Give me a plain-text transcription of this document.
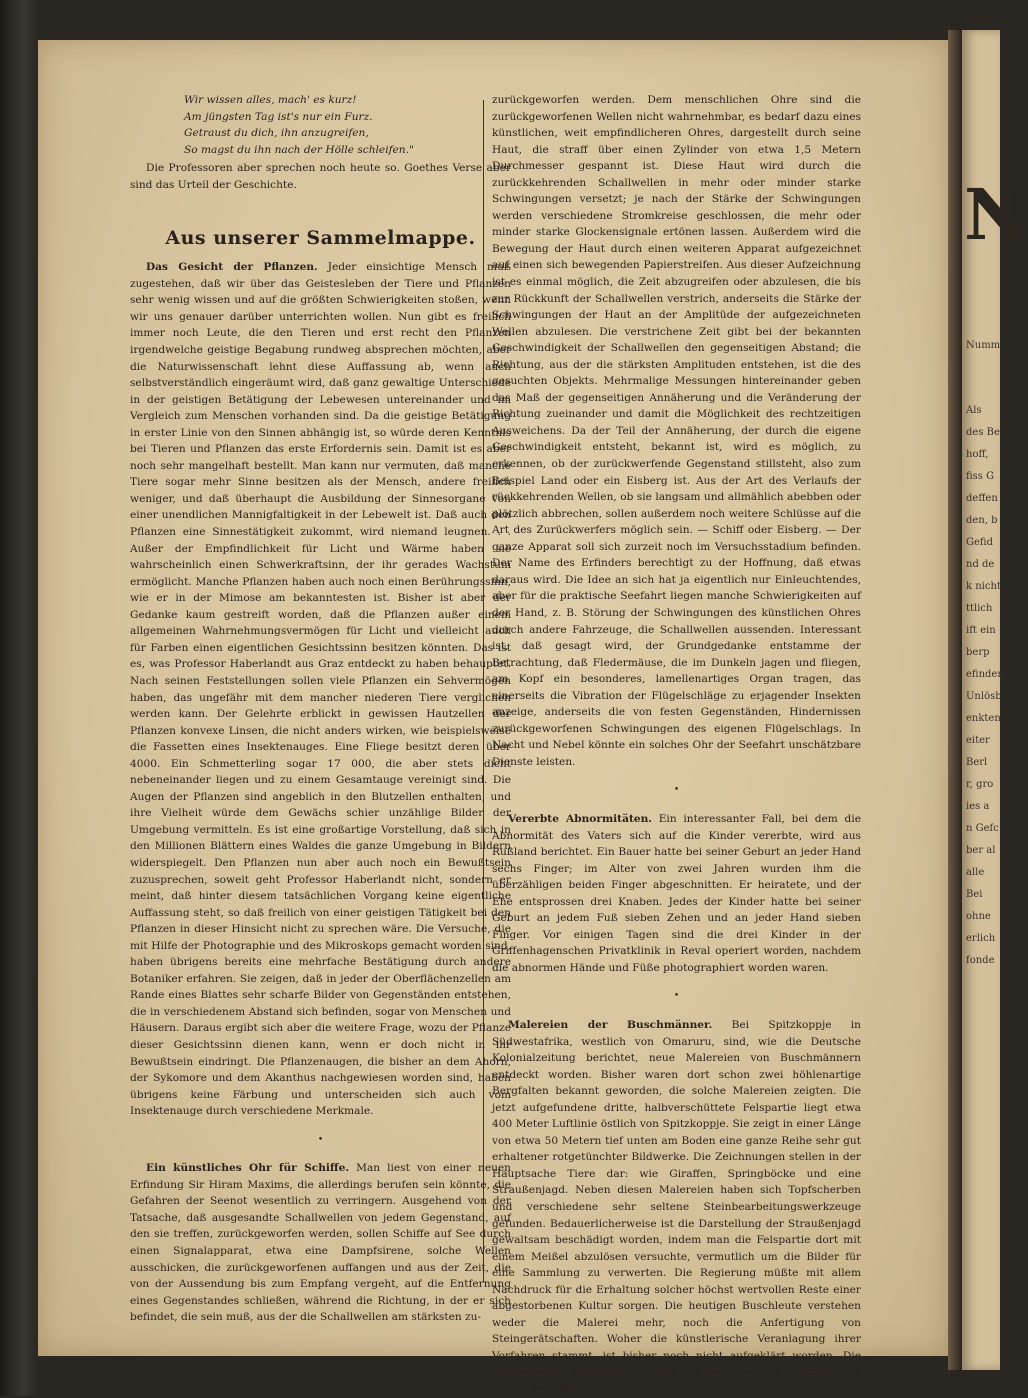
Wir wissen alles, mach' es kurz!

Am jüngsten Tag ist's nur ein Furz.

Getraust du dich, ihn anzugreifen,

So magst du ihn nach der Hölle schleifen."

Die Professoren aber sprechen noch heute so. Goethes Verse aber sind das Urteil der Geschichte.

Aus unserer Sammelmappe.

Das Gesicht der Pflanzen. Jeder einsichtige Mensch muß zugestehen, daß wir über das Geistesleben der Tiere und Pflanzen sehr wenig wissen und auf die größten Schwierigkeiten stoßen, wenn wir uns genauer darüber unterrichten wollen. Nun gibt es freilich immer noch Leute, die den Tieren und erst recht den Pflanzen irgendwelche geistige Begabung rundweg absprechen möchten, aber die Naturwissenschaft lehnt diese Auffassung ab, wenn auch selbstverständlich eingeräumt wird, daß ganz gewaltige Unterschiede in der geistigen Betätigung der Lebewesen untereinander und im Vergleich zum Menschen vorhanden sind. Da die geistige Betätigung in erster Linie von den Sinnen abhängig ist, so würde deren Kenntnis bei Tieren und Pflanzen das erste Erfordernis sein. Damit ist es aber noch sehr mangelhaft bestellt. Man kann nur vermuten, daß manche Tiere sogar mehr Sinne besitzen als der Mensch, andere freilich weniger, und daß überhaupt die Ausbildung der Sinnesorgane von einer unendlichen Mannigfaltigkeit in der Lebewelt ist. Daß auch den Pflanzen eine Sinnestätigkeit zukommt, wird niemand leugnen. . . Außer der Empfindlichkeit für Licht und Wärme haben sie wahrscheinlich einen Schwerkraftsinn, der ihr gerades Wachstum ermöglicht. Manche Pflanzen haben auch noch einen Berührungssinn, wie er in der Mimose am bekanntesten ist. Bisher ist aber der Gedanke kaum gestreift worden, daß die Pflanzen außer einem allgemeinen Wahrnehmungsvermögen für Licht und vielleicht auch für Farben einen eigentlichen Gesichtssinn besitzen könnten. Das ist es, was Professor Haberlandt aus Graz entdeckt zu haben behauptet. Nach seinen Feststellungen sollen viele Pflanzen ein Sehvermögen haben, das ungefähr mit dem mancher niederen Tiere verglichen werden kann. Der Gelehrte erblickt in gewissen Hautzellen der Pflanzen konvexe Linsen, die nicht anders wirken, wie beispielsweise die Fassetten eines Insektenauges. Eine Fliege besitzt deren über 4000. Ein Schmetterling sogar 17 000, die aber stets dicht nebeneinander liegen und zu einem Gesamtauge vereinigt sind. Die Augen der Pflanzen sind angeblich in den Blutzellen enthalten, und ihre Vielheit würde dem Gewächs schier unzählige Bilder der Umgebung vermitteln. Es ist eine großartige Vorstellung, daß sich in den Millionen Blättern eines Waldes die ganze Umgebung in Bildern widerspiegelt. Den Pflanzen nun aber auch noch ein Bewußtsein zuzusprechen, soweit geht Professor Haberlandt nicht, sondern er meint, daß hinter diesem tatsächlichen Vorgang keine eigentliche Auffassung steht, so daß freilich von einer geistigen Tätigkeit bei den Pflanzen in dieser Hinsicht nicht zu sprechen wäre. Die Versuche, die mit Hilfe der Photographie und des Mikroskops gemacht worden sind, haben übrigens bereits eine mehrfache Bestätigung durch andere Botaniker erfahren. Sie zeigen, daß in jeder der Oberflächenzellen am Rande eines Blattes sehr scharfe Bilder von Gegenständen entstehen, die in verschiedenem Abstand sich befinden, sogar von Menschen und Häusern. Daraus ergibt sich aber die weitere Frage, wozu der Pflanze dieser Gesichtssinn dienen kann, wenn er doch nicht in ihr Bewußtsein eindringt. Die Pflanzenaugen, die bisher an dem Ahorn, der Sykomore und dem Akanthus nachgewiesen worden sind, haben übrigens keine Färbung und unterscheiden sich auch vom Insektenauge durch verschiedene Merkmale.

•

Ein künstliches Ohr für Schiffe. Man liest von einer neuen Erfindung Sir Hiram Maxims, die allerdings berufen sein könnte, die Gefahren der Seenot wesentlich zu verringern. Ausgehend von der Tatsache, daß ausgesandte Schallwellen von jedem Gegenstand, auf den sie treffen, zurückgeworfen werden, sollen Schiffe auf See durch einen Signalapparat, etwa eine Dampfsirene, solche Wellen ausschicken, die zurückgeworfenen auffangen und aus der Zeit, die von der Aussendung bis zum Empfang vergeht, auf die Entfernung eines Gegenstandes schließen, während die Richtung, in der er sich befindet, die sein muß, aus der die Schallwellen am stärksten zu-

zurückgeworfen werden. Dem menschlichen Ohre sind die zurückgeworfenen Wellen nicht wahrnehmbar, es bedarf dazu eines künstlichen, weit empfindlicheren Ohres, dargestellt durch seine Haut, die straff über einen Zylinder von etwa 1,5 Metern Durchmesser gespannt ist. Diese Haut wird durch die zurückkehrenden Schallwellen in mehr oder minder starke Schwingungen versetzt; je nach der Stärke der Schwingungen werden verschiedene Stromkreise geschlossen, die mehr oder minder starke Glockensignale ertönen lassen. Außerdem wird die Bewegung der Haut durch einen weiteren Apparat aufgezeichnet auf einen sich bewegenden Papierstreifen. Aus dieser Aufzeichnung ist es einmal möglich, die Zeit abzugreifen oder abzulesen, die bis zur Rückkunft der Schallwellen verstrich, anderseits die Stärke der Schwingungen der Haut an der Amplitüde der aufgezeichneten Wellen abzulesen. Die verstrichene Zeit gibt bei der bekannten Geschwindigkeit der Schallwellen den gegenseitigen Abstand; die Richtung, aus der die stärksten Amplituden entstehen, ist die des gesuchten Objekts. Mehrmalige Messungen hintereinander geben das Maß der gegenseitigen Annäherung und die Veränderung der Richtung zueinander und damit die Möglichkeit des rechtzeitigen Ausweichens. Da der Teil der Annäherung, der durch die eigene Geschwindigkeit entsteht, bekannt ist, wird es möglich, zu erkennen, ob der zurückwerfende Gegenstand stillsteht, also zum Beispiel Land oder ein Eisberg ist. Aus der Art des Verlaufs der rückkehrenden Wellen, ob sie langsam und allmählich abebben oder plötzlich abbrechen, sollen außerdem noch weitere Schlüsse auf die Art des Zurückwerfers möglich sein. — Schiff oder Eisberg. — Der ganze Apparat soll sich zurzeit noch im Versuchsstadium befinden. Der Name des Erfinders berechtigt zu der Hoffnung, daß etwas daraus wird. Die Idee an sich hat ja eigentlich nur Einleuchtendes, aber für die praktische Seefahrt liegen manche Schwierigkeiten auf der Hand, z. B. Störung der Schwingungen des künstlichen Ohres durch andere Fahrzeuge, die Schallwellen aussenden. Interessant ist, daß gesagt wird, der Grundgedanke entstamme der Betrachtung, daß Fledermäuse, die im Dunkeln jagen und fliegen, am Kopf ein besonderes, lamellenartiges Organ tragen, das einerseits die Vibration der Flügelschläge zu erjagender Insekten anzeige, anderseits die von festen Gegenständen, Hindernissen zurückgeworfenen Schwingungen des eigenen Flügelschlags. In Nacht und Nebel könnte ein solches Ohr der Seefahrt unschätzbare Dienste leisten.

•

Vererbte Abnormitäten. Ein interessanter Fall, bei dem die Abnormität des Vaters sich auf die Kinder vererbte, wird aus Rußland berichtet. Ein Bauer hatte bei seiner Geburt an jeder Hand sechs Finger; im Alter von zwei Jahren wurden ihm die überzähligen beiden Finger abgeschnitten. Er heiratete, und der Ehe entsprossen drei Knaben. Jedes der Kinder hatte bei seiner Geburt an jedem Fuß sieben Zehen und an jeder Hand sieben Finger. Vor einigen Tagen sind die drei Kinder in der Griffenhagenschen Privatklinik in Reval operiert worden, nachdem die abnormen Hände und Füße photographiert worden waren.

•

Malereien der Buschmänner. Bei Spitzkoppje in Südwestafrika, westlich von Omaruru, sind, wie die Deutsche Kolonialzeitung berichtet, neue Malereien von Buschmännern entdeckt worden. Bisher waren dort schon zwei höhlenartige Bergfalten bekannt geworden, die solche Malereien zeigten. Die jetzt aufgefundene dritte, halbverschüttete Felspartie liegt etwa 400 Meter Luftlinie östlich von Spitzkoppje. Sie zeigt in einer Länge von etwa 50 Metern tief unten am Boden eine ganze Reihe sehr gut erhaltener rotgetünchter Bildwerke. Die Zeichnungen stellen in der Hauptsache Tiere dar: wie Giraffen, Springböcke und eine Straußenjagd. Neben diesen Malereien haben sich Topfscherben und verschiedene sehr seltene Steinbearbeitungswerkzeuge gefunden. Bedauerlicherweise ist die Darstellung der Straußenjagd gewaltsam beschädigt worden, indem man die Felspartie dort mit einem Meißel abzulösen versuchte, vermutlich um die Bilder für eine Sammlung zu verwerten. Die Regierung müßte mit allem Nachdruck für die Erhaltung solcher höchst wertvollen Reste einer abgestorbenen Kultur sorgen. Die heutigen Buschleute verstehen weder die Malerei mehr, noch die Anfertigung von Steingerätschaften. Woher die künstlerische Veranlagung ihrer Vorfahren stammt, ist bisher noch nicht aufgeklärt worden. Die vorgenannten Malereien werden auf ein Alter von ungefähr 200 Jahren geschätzt.

N
Numm
Als
des Be
hoff,
fiss G
deffen
den, b
Gefid
nd de
k nicht
ttlich
ift ein
berp
efinden
Unlösb
enkten.
eiter
Berl
r, gro
ies a
n Gefc
ber al
alle
Bei
ohne
erlich
fonde
